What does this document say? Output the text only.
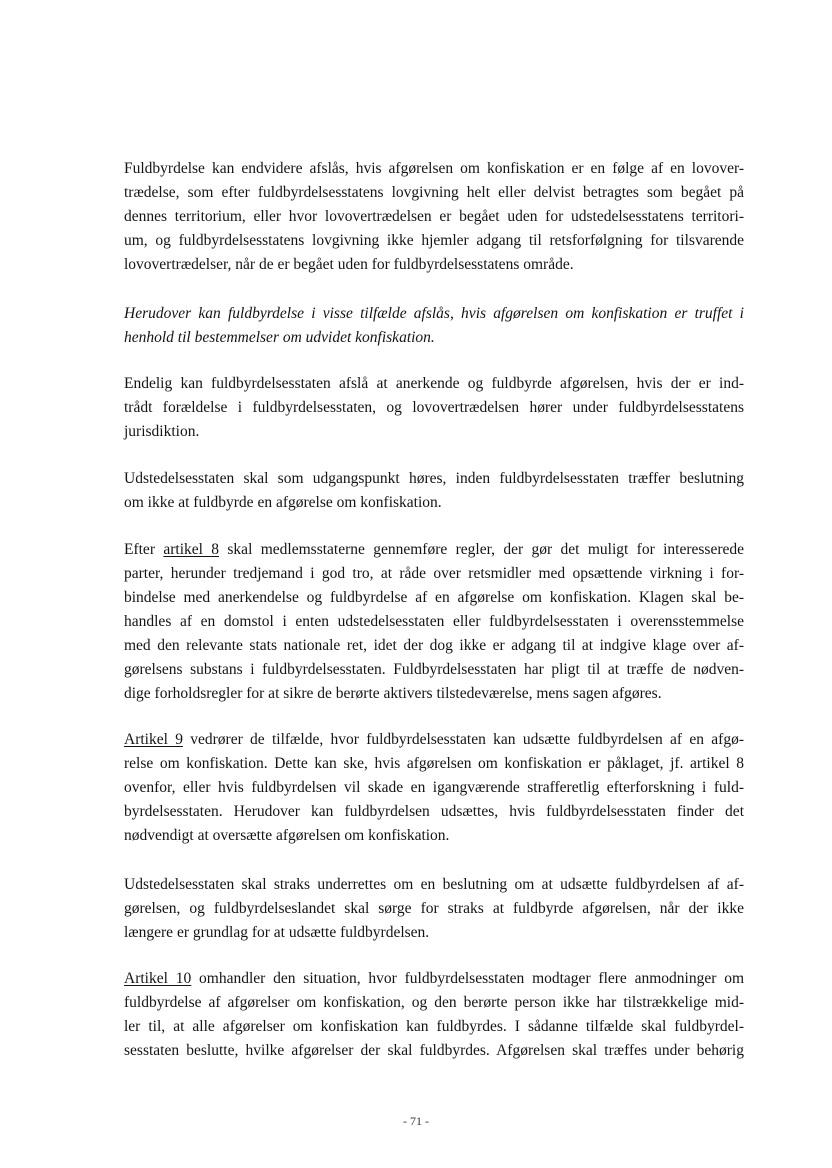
Fuldbyrdelse kan endvidere afslås, hvis afgørelsen om konfiskation er en følge af en lovover-
trædelse, som efter fuldbyrdelsesstatens lovgivning helt eller delvist betragtes som begået på
dennes territorium, eller hvor lovovertrædelsen er begået uden for udstedelsesstatens territori-
um, og fuldbyrdelsesstatens lovgivning ikke hjemler adgang til retsforfølgning for tilsvarende
lovovertrædelser, når de er begået uden for fuldbyrdelsesstatens område.
Herudover kan fuldbyrdelse i visse tilfælde afslås, hvis afgørelsen om konfiskation er truffet i
henhold til bestemmelser om udvidet konfiskation.
Endelig kan fuldbyrdelsesstaten afslå at anerkende og fuldbyrde afgørelsen, hvis der er ind-
trådt forældelse i fuldbyrdelsesstaten, og lovovertrædelsen hører under fuldbyrdelsesstatens
jurisdiktion.
Udstedelsesstaten skal som udgangspunkt høres, inden fuldbyrdelsesstaten træffer beslutning
om ikke at fuldbyrde en afgørelse om konfiskation.
Efter artikel 8 skal medlemsstaterne gennemføre regler, der gør det muligt for interesserede
parter, herunder tredjemand i god tro, at råde over retsmidler med opsættende virkning i for-
bindelse med anerkendelse og fuldbyrdelse af en afgørelse om konfiskation. Klagen skal be-
handles af en domstol i enten udstedelsesstaten eller fuldbyrdelsesstaten i overensstemmelse
med den relevante stats nationale ret, idet der dog ikke er adgang til at indgive klage over af-
gørelsens substans i fuldbyrdelsesstaten. Fuldbyrdelsesstaten har pligt til at træffe de nødven-
dige forholdsregler for at sikre de berørte aktivers tilstedeværelse, mens sagen afgøres.
Artikel 9 vedrører de tilfælde, hvor fuldbyrdelsesstaten kan udsætte fuldbyrdelsen af en afgø-
relse om konfiskation. Dette kan ske, hvis afgørelsen om konfiskation er påklaget, jf. artikel 8
ovenfor, eller hvis fuldbyrdelsen vil skade en igangværende strafferetlig efterforskning i fuld-
byrdelsesstaten. Herudover kan fuldbyrdelsen udsættes, hvis fuldbyrdelsesstaten finder det
nødvendigt at oversætte afgørelsen om konfiskation.
Udstedelsesstaten skal straks underrettes om en beslutning om at udsætte fuldbyrdelsen af af-
gørelsen, og fuldbyrdelseslandet skal sørge for straks at fuldbyrde afgørelsen, når der ikke
længere er grundlag for at udsætte fuldbyrdelsen.
Artikel 10 omhandler den situation, hvor fuldbyrdelsesstaten modtager flere anmodninger om
fuldbyrdelse af afgørelser om konfiskation, og den berørte person ikke har tilstrækkelige mid-
ler til, at alle afgørelser om konfiskation kan fuldbyrdes. I sådanne tilfælde skal fuldbyrdel-
sesstaten beslutte, hvilke afgørelser der skal fuldbyrdes. Afgørelsen skal træffes under behørig
- 71 -
